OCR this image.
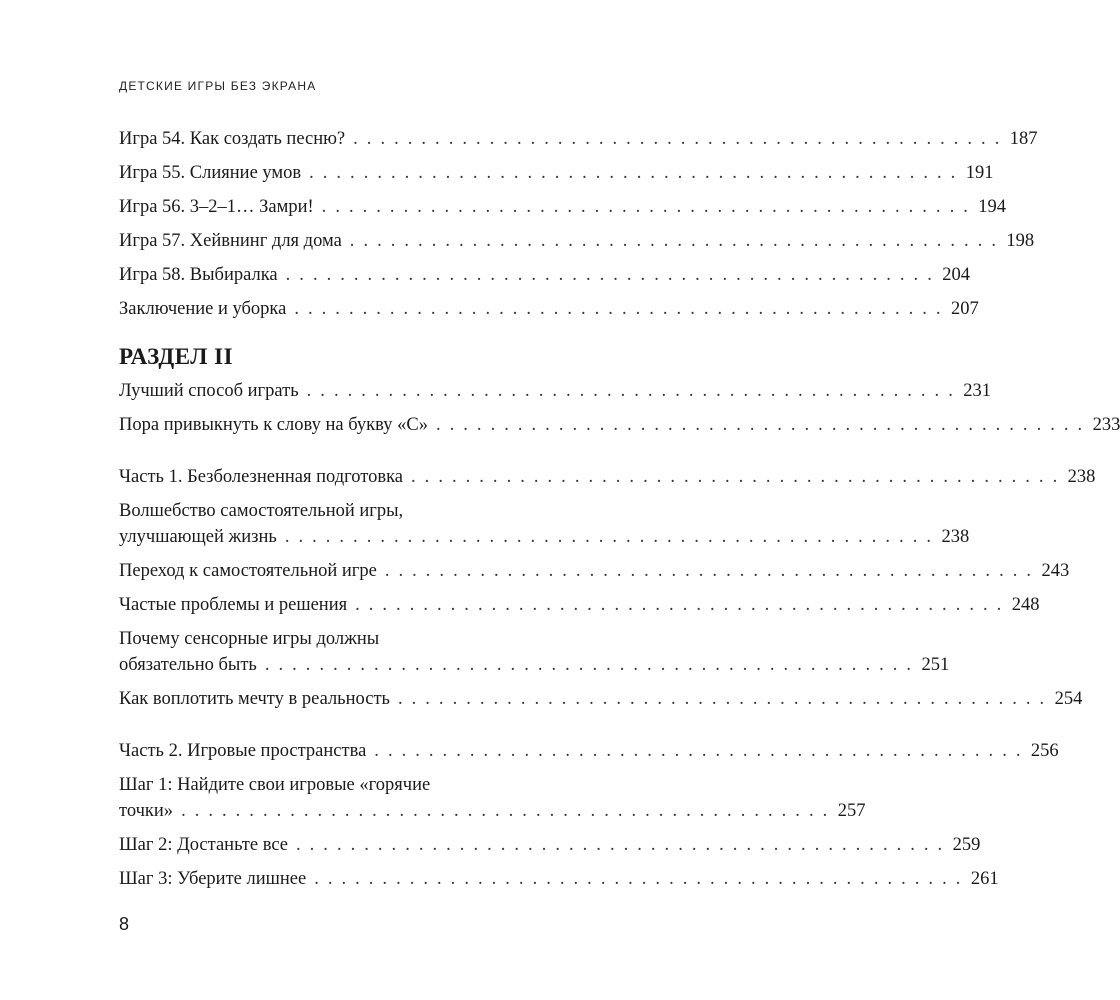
ДЕТСКИЕ ИГРЫ БЕЗ ЭКРАНА
Игра 54. Как создать песню? . . . . . . . . . . . . . . . . . . . . . . . . . . . . . . . . . . . . . . . . . . . . . . . . 187
Игра 55. Слияние умов . . . . . . . . . . . . . . . . . . . . . . . . . . . . . . . . . . . . . . . . . . . . . . . . 191
Игра 56. 3–2–1… Замри! . . . . . . . . . . . . . . . . . . . . . . . . . . . . . . . . . . . . . . . . . . . . . . . . 194
Игра 57. Хейвнинг для дома . . . . . . . . . . . . . . . . . . . . . . . . . . . . . . . . . . . . . . . . . . . . . . . . 198
Игра 58. Выбиралка . . . . . . . . . . . . . . . . . . . . . . . . . . . . . . . . . . . . . . . . . . . . . . . . 204
Заключение и уборка . . . . . . . . . . . . . . . . . . . . . . . . . . . . . . . . . . . . . . . . . . . . . . . . 207
РАЗДЕЛ II
Лучший способ играть . . . . . . . . . . . . . . . . . . . . . . . . . . . . . . . . . . . . . . . . . . . . . . . . 231
Пора привыкнуть к слову на букву «С» . . . . . . . . . . . . . . . . . . . . . . . . . . . . . . . . . . . . . . . . . . . . . . . . 233
Часть 1. Безболезненная подготовка . . . . . . . . . . . . . . . . . . . . . . . . . . . . . . . . . . . . . . . . . . . . . . . . 238
Волшебство самостоятельной игры,
улучшающей жизнь . . . . . . . . . . . . . . . . . . . . . . . . . . . . . . . . . . . . . . . . . . . . . . . . 238
Переход к самостоятельной игре . . . . . . . . . . . . . . . . . . . . . . . . . . . . . . . . . . . . . . . . . . . . . . . . 243
Частые проблемы и решения . . . . . . . . . . . . . . . . . . . . . . . . . . . . . . . . . . . . . . . . . . . . . . . . 248
Почему сенсорные игры должны
обязательно быть . . . . . . . . . . . . . . . . . . . . . . . . . . . . . . . . . . . . . . . . . . . . . . . . 251
Как воплотить мечту в реальность . . . . . . . . . . . . . . . . . . . . . . . . . . . . . . . . . . . . . . . . . . . . . . . . 254
Часть 2. Игровые пространства . . . . . . . . . . . . . . . . . . . . . . . . . . . . . . . . . . . . . . . . . . . . . . . . 256
Шаг 1: Найдите свои игровые «горячие
точки» . . . . . . . . . . . . . . . . . . . . . . . . . . . . . . . . . . . . . . . . . . . . . . . . 257
Шаг 2: Достаньте все . . . . . . . . . . . . . . . . . . . . . . . . . . . . . . . . . . . . . . . . . . . . . . . . 259
Шаг 3: Уберите лишнее . . . . . . . . . . . . . . . . . . . . . . . . . . . . . . . . . . . . . . . . . . . . . . . . 261
8
